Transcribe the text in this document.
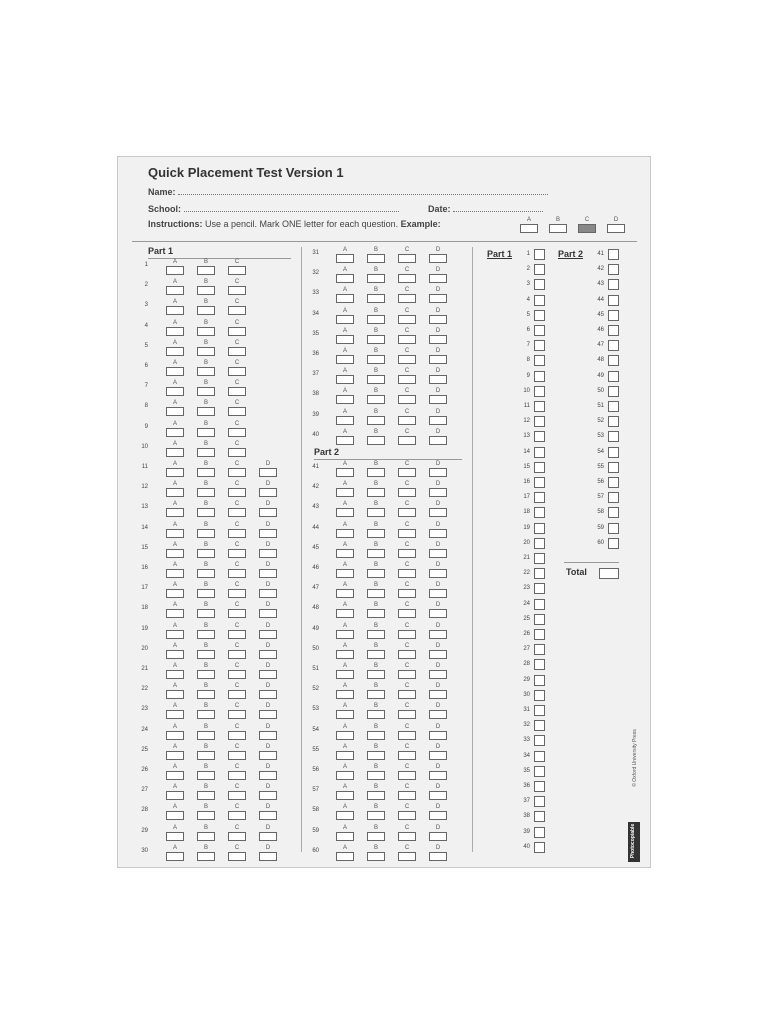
Quick Placement Test Version 1
Name:
School:	Date:
Instructions: Use a pencil. Mark ONE letter for each question. Example:	A	B	C	D
Part 1
Part 2
Part 1	Part 2
1	A	B	C
2	A	B	C
3	A	B	C
4	A	B	C
5	A	B	C
6	A	B	C
7	A	B	C
8	A	B	C
9	A	B	C
10	A	B	C
11	A	B	C	D
12	A	B	C	D
13	A	B	C	D
14	A	B	C	D
15	A	B	C	D
16	A	B	C	D
17	A	B	C	D
18	A	B	C	D
19	A	B	C	D
20	A	B	C	D
21	A	B	C	D
22	A	B	C	D
23	A	B	C	D
24	A	B	C	D
25	A	B	C	D
26	A	B	C	D
27	A	B	C	D
28	A	B	C	D
29	A	B	C	D
30	A	B	C	D
31	A	B	C	D
32	A	B	C	D
33	A	B	C	D
34	A	B	C	D
35	A	B	C	D
36	A	B	C	D
37	A	B	C	D
38	A	B	C	D
39	A	B	C	D
40	A	B	C	D
41	A	B	C	D
42	A	B	C	D
43	A	B	C	D
44	A	B	C	D
45	A	B	C	D
46	A	B	C	D
47	A	B	C	D
48	A	B	C	D
49	A	B	C	D
50	A	B	C	D
51	A	B	C	D
52	A	B	C	D
53	A	B	C	D
54	A	B	C	D
55	A	B	C	D
56	A	B	C	D
57	A	B	C	D
58	A	B	C	D
59	A	B	C	D
60	A	B	C	D
1
2
3
4
5
6
7
8
9
10
11
12
13
14
15
16
17
18
19
20
21
22
23
24
25
26
27
28
29
30
31
32
33
34
35
36
37
38
39
40
41
42
43
44
45
46
47
48
49
50
51
52
53
54
55
56
57
58
59
60
Total
© Oxford University Press
Photocopiable
